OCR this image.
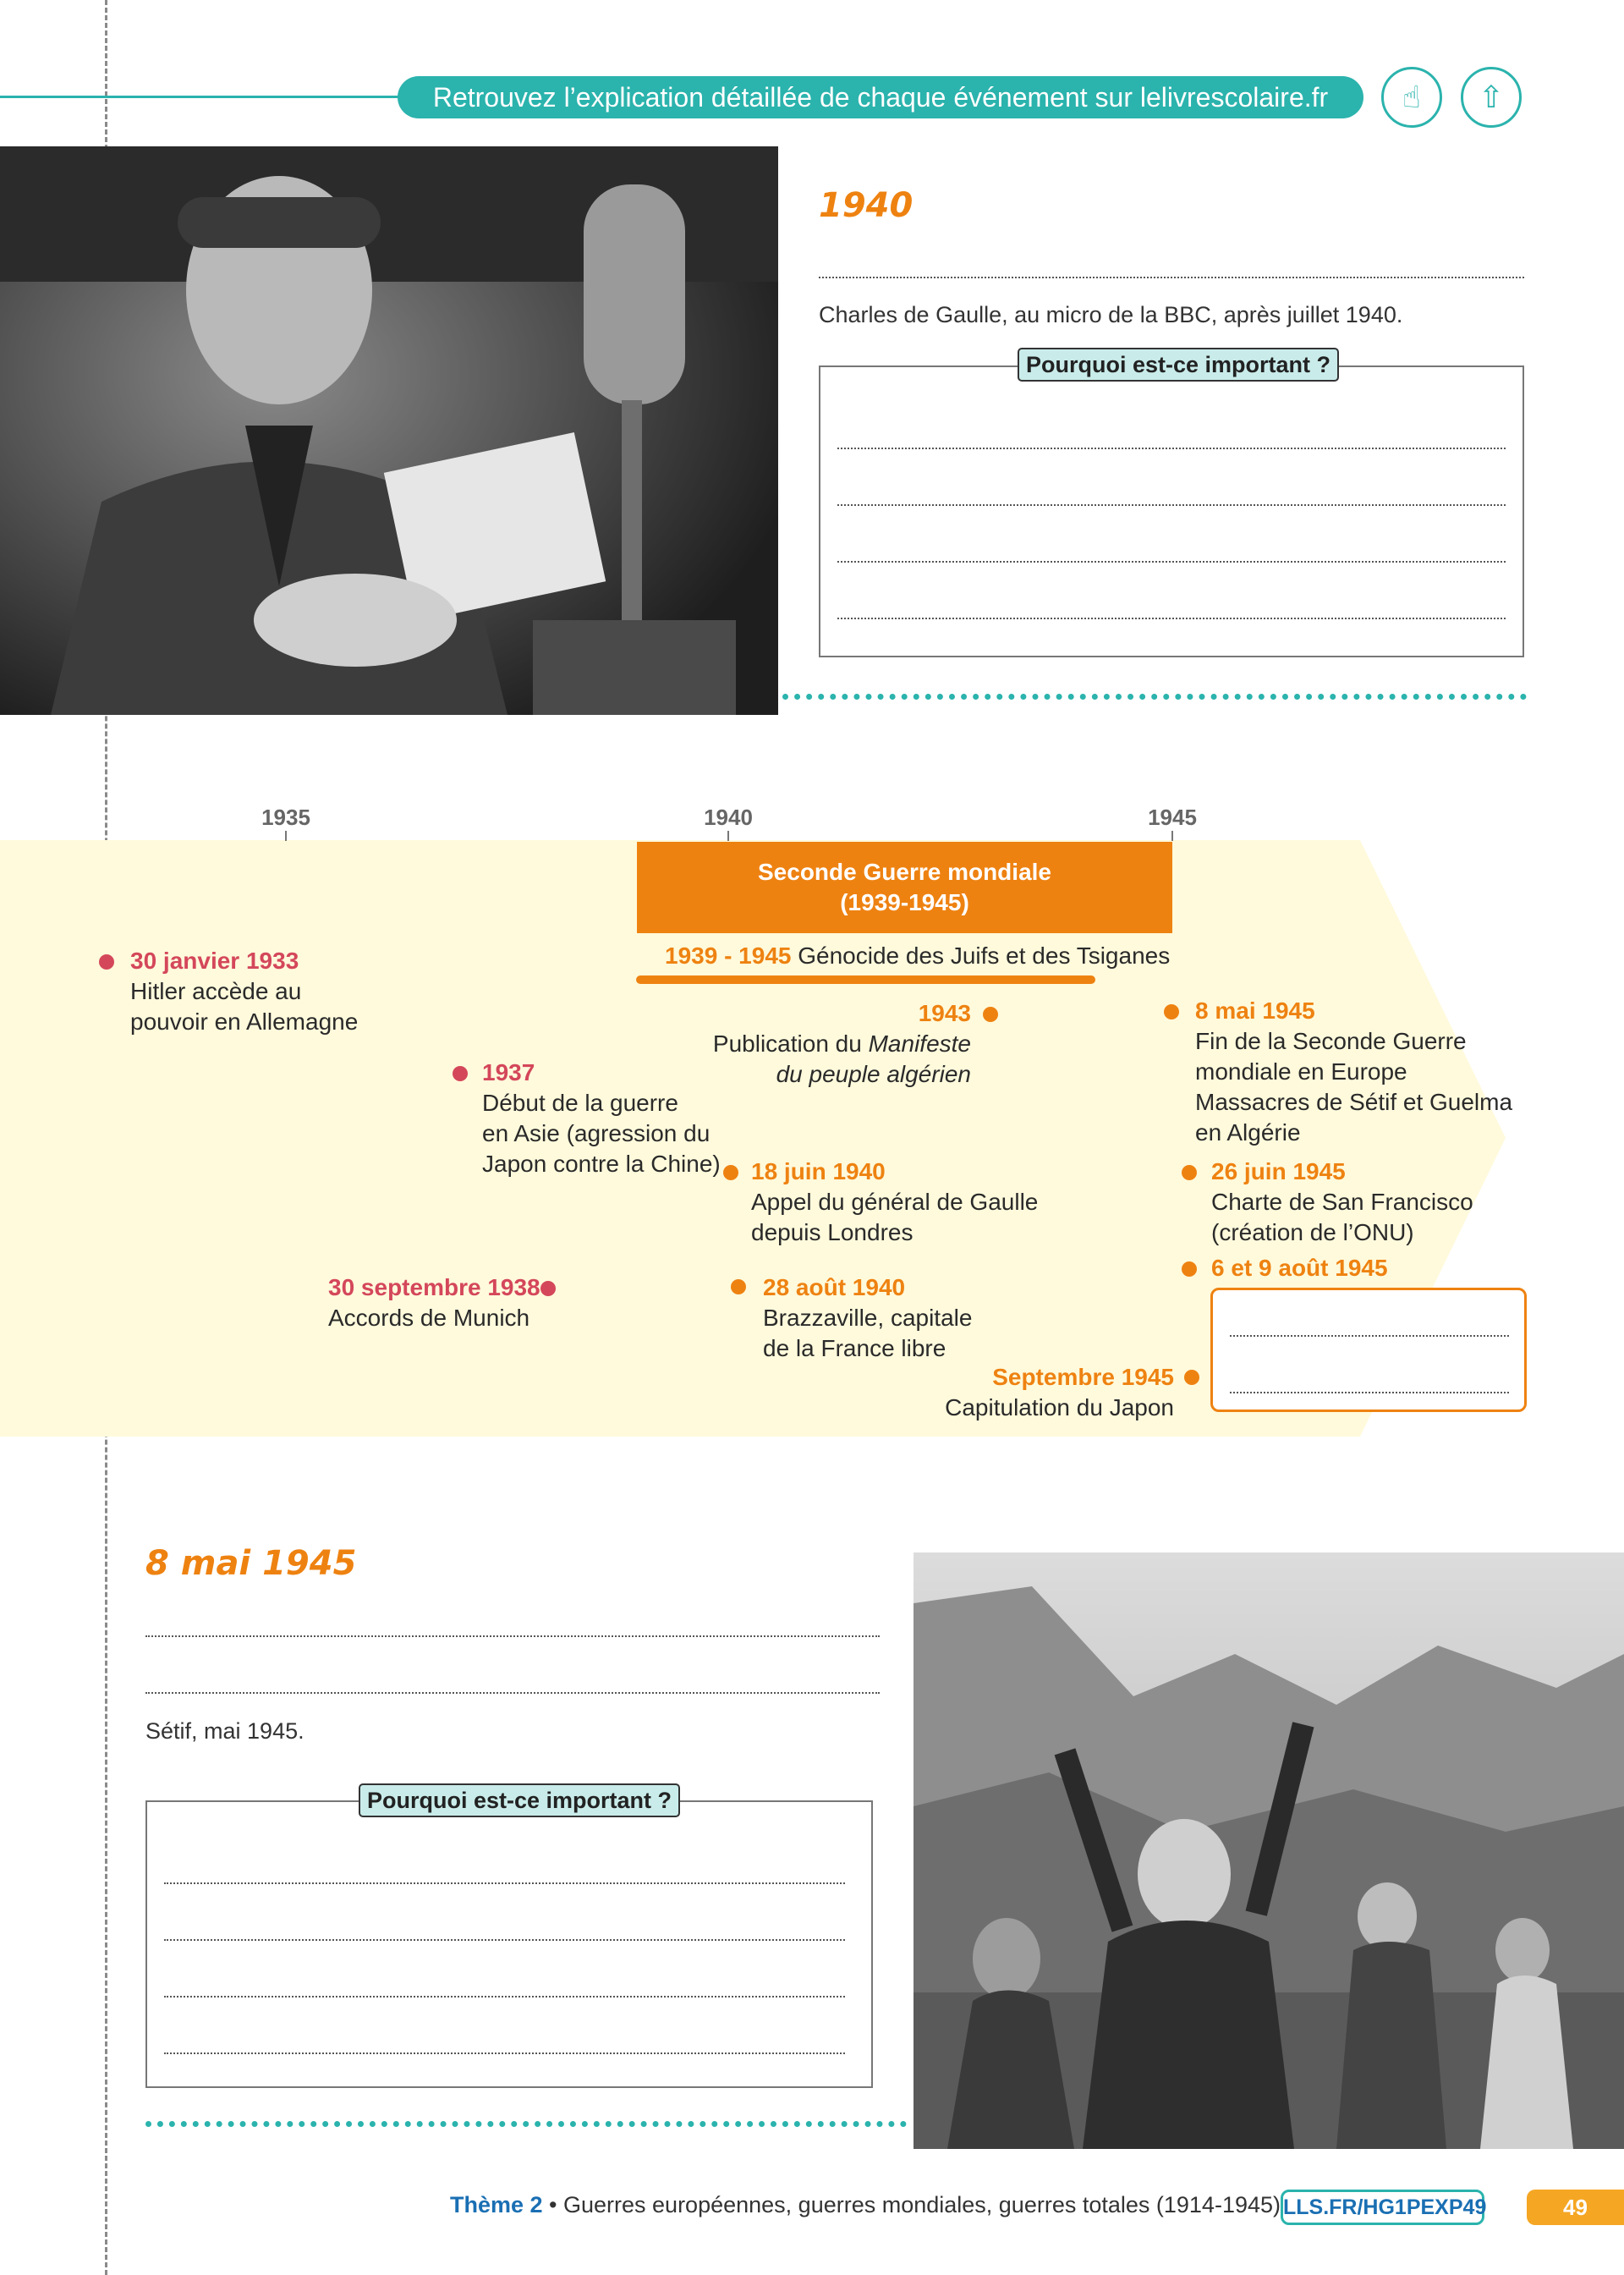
Retrouvez l’explication détaillée de chaque événement sur lelivrescolaire.fr	☝	⇧
1940
Charles de Gaulle, au micro de la BBC, après juillet 1940.
Pourquoi est-ce important ?
1935	1940	1945
Seconde Guerre mondiale
(1939-1945)
1939 - 1945 Génocide des Juifs et des Tsiganes
30 janvier 1933
Hitler accède au
pouvoir en Allemagne
1937
Début de la guerre
en Asie (agression du
Japon contre la Chine)
30 septembre 1938
Accords de Munich
1943
Publication du Manifeste
du peuple algérien
18 juin 1940
Appel du général de Gaulle
depuis Londres
28 août 1940
Brazzaville, capitale
de la France libre
Septembre 1945
Capitulation du Japon
8 mai 1945
Fin de la Seconde Guerre
mondiale en Europe
Massacres de Sétif et Guelma
en Algérie
26 juin 1945
Charte de San Francisco
(création de l’ONU)
6 et 9 août 1945
8 mai 1945
Sétif, mai 1945.
Pourquoi est-ce important ?
Thème 2 • Guerres européennes, guerres mondiales, guerres totales (1914-1945) LLS.FR/HG1PEXP49	49
